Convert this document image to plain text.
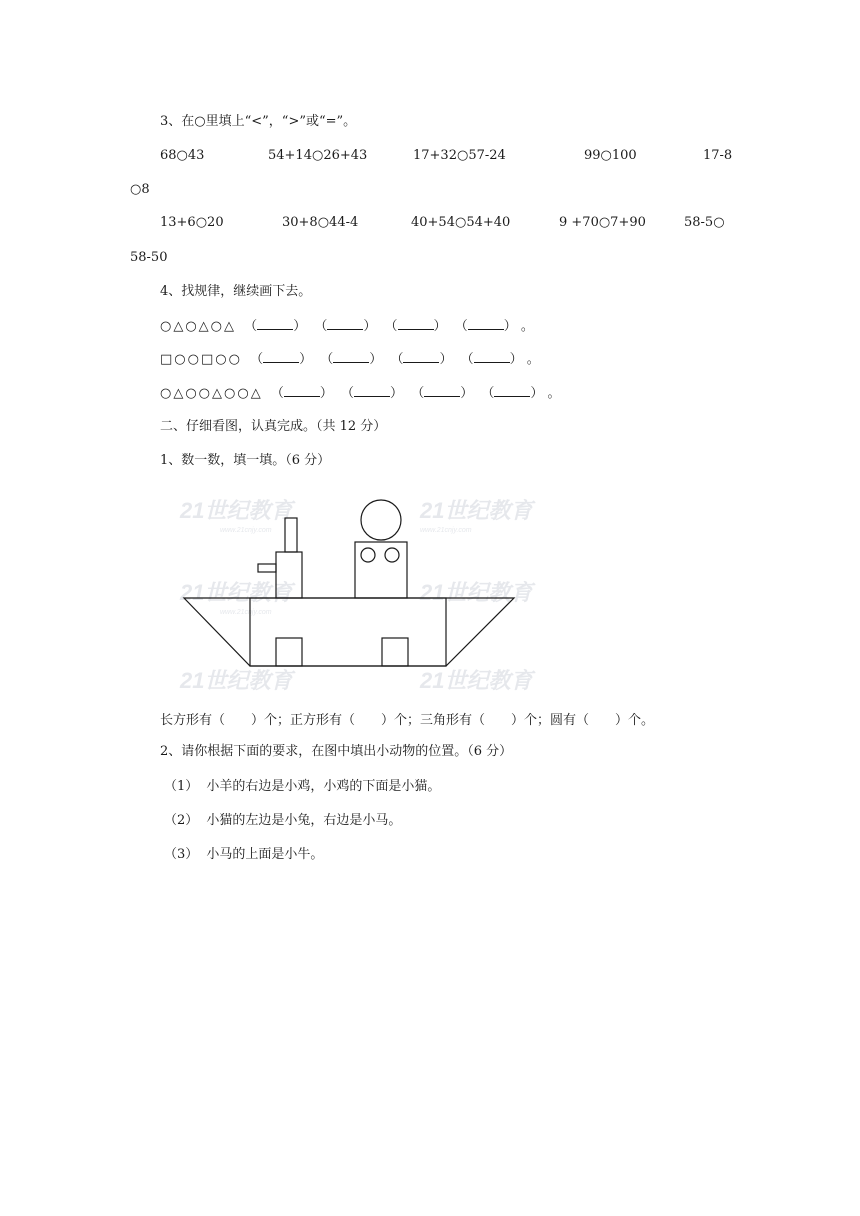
3、在○里填上“<”，“>”或“=”。
68○43	54+14○26+43	17+32○57-24	99○100	17-8
○8
13+6○20	30+8○44-4	40+54○54+40	9 +70○7+90	58-5○
58-50
4、找规律，继续画下去。
○△○△○△ （	） （	） （	） （	） 。
□○○□○○ （	） （	） （	） （	） 。
○△○○△○○△ （	） （	） （	） （	） 。
二、仔细看图，认真完成。（共 12 分）
1、数一数，填一填。（6 分）
21世纪教育	21世纪教育
21世纪教育	21世纪教育
21世纪教育	21世纪教育
www.21cnjy.com	www.21cnjy.com
www.21cnjy.com
长方形有（　　）个；正方形有（　　）个；三角形有（　　）个；圆有（　　）个。
2、请你根据下面的要求，在图中填出小动物的位置。（6 分）
（1） 小羊的右边是小鸡，小鸡的下面是小猫。
（2） 小猫的左边是小兔，右边是小马。
（3） 小马的上面是小牛。
